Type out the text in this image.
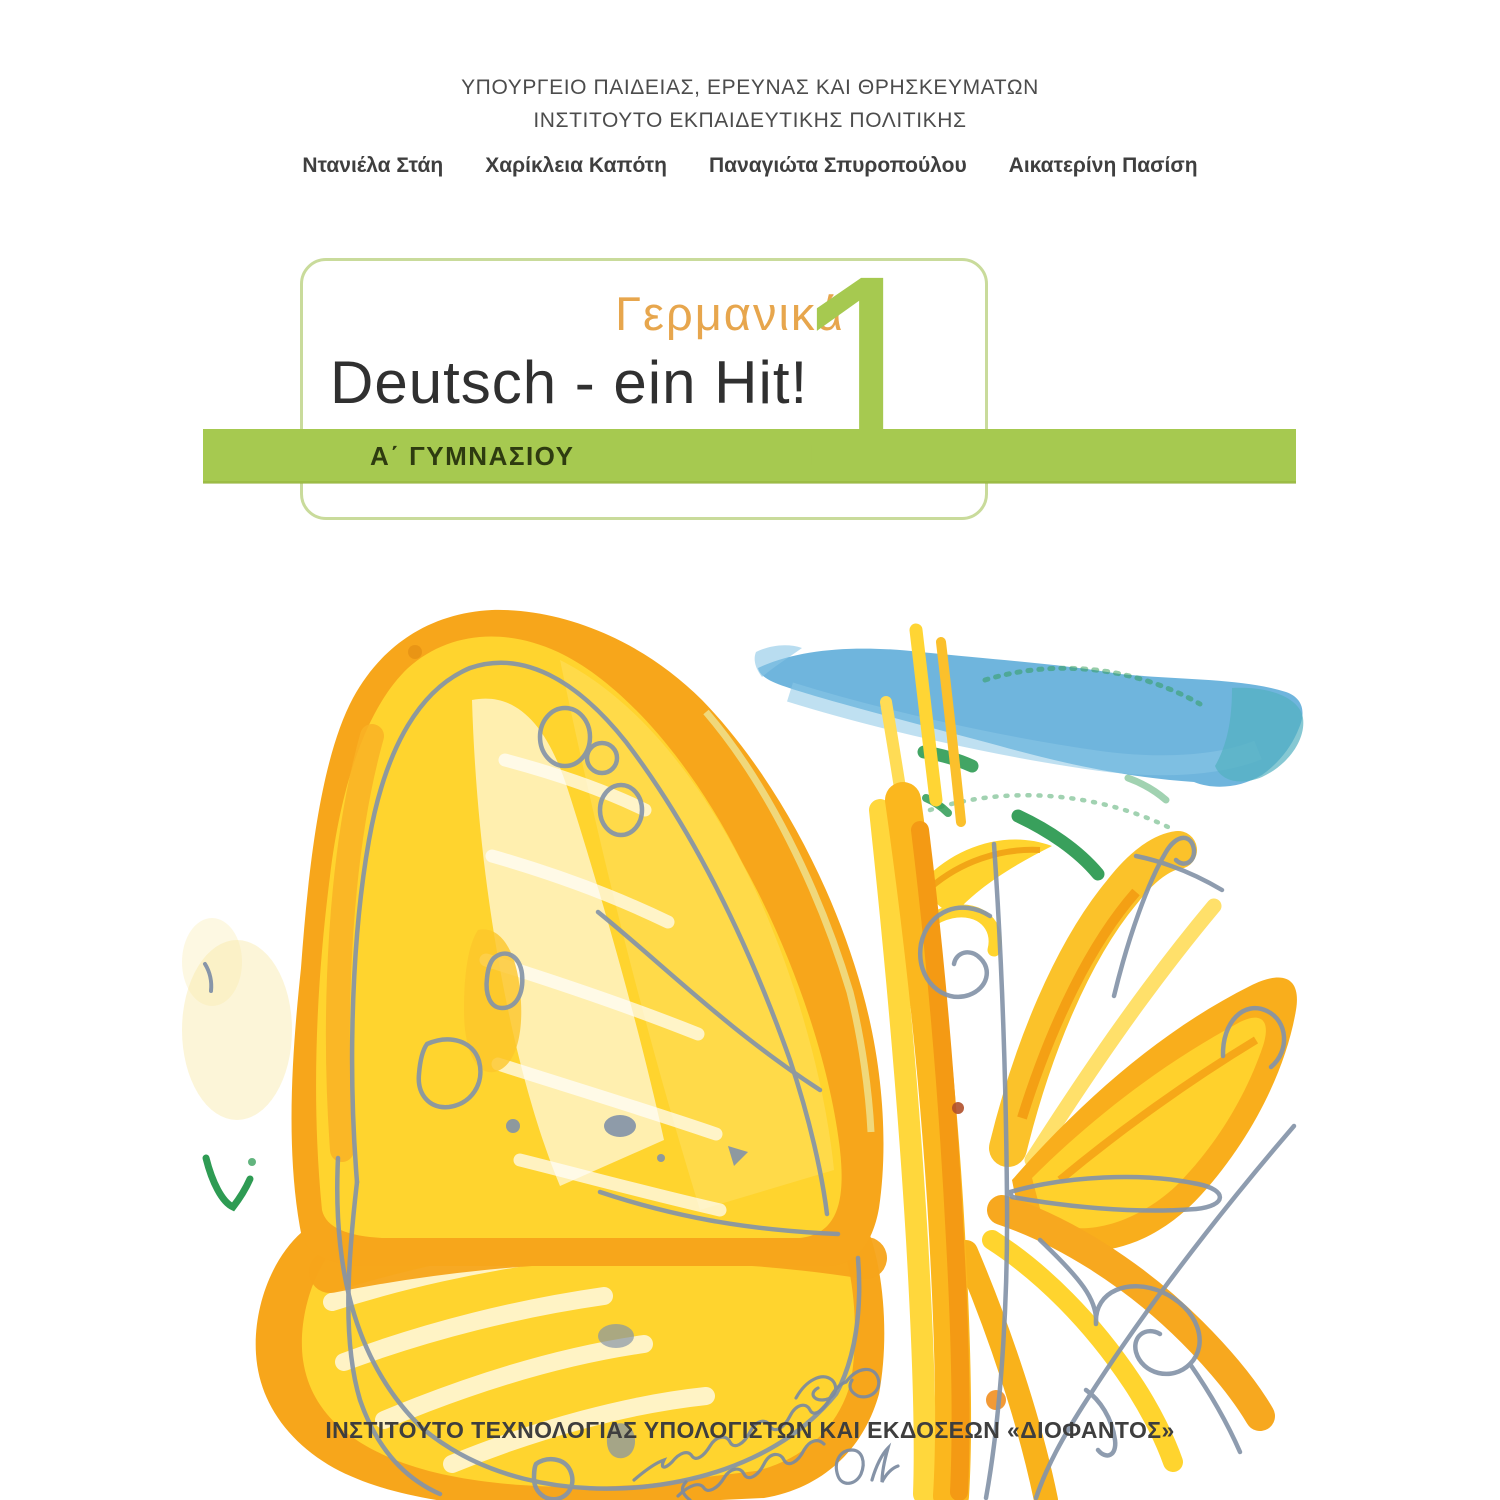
ΥΠΟΥΡΓΕΙΟ ΠΑΙΔΕΙΑΣ, ΕΡΕΥΝΑΣ ΚΑΙ ΘΡΗΣΚΕΥΜΑΤΩΝ
ΙΝΣΤΙΤΟΥΤΟ ΕΚΠΑΙΔΕΥΤΙΚΗΣ ΠΟΛΙΤΙΚΗΣ
Ντανιέλα Στάη Χαρίκλεια Καπότη Παναγιώτα Σπυροπούλου Αικατερίνη Πασίση
Γερμανικά
Deutsch - ein Hit!
1
Α΄ ΓΥΜΝΑΣΙΟΥ
ΙΝΣΤΙΤΟΥΤΟ ΤΕΧΝΟΛΟΓΙΑΣ ΥΠΟΛΟΓΙΣΤΩΝ ΚΑΙ ΕΚΔΟΣΕΩΝ «ΔΙΟΦΑΝΤΟΣ»
